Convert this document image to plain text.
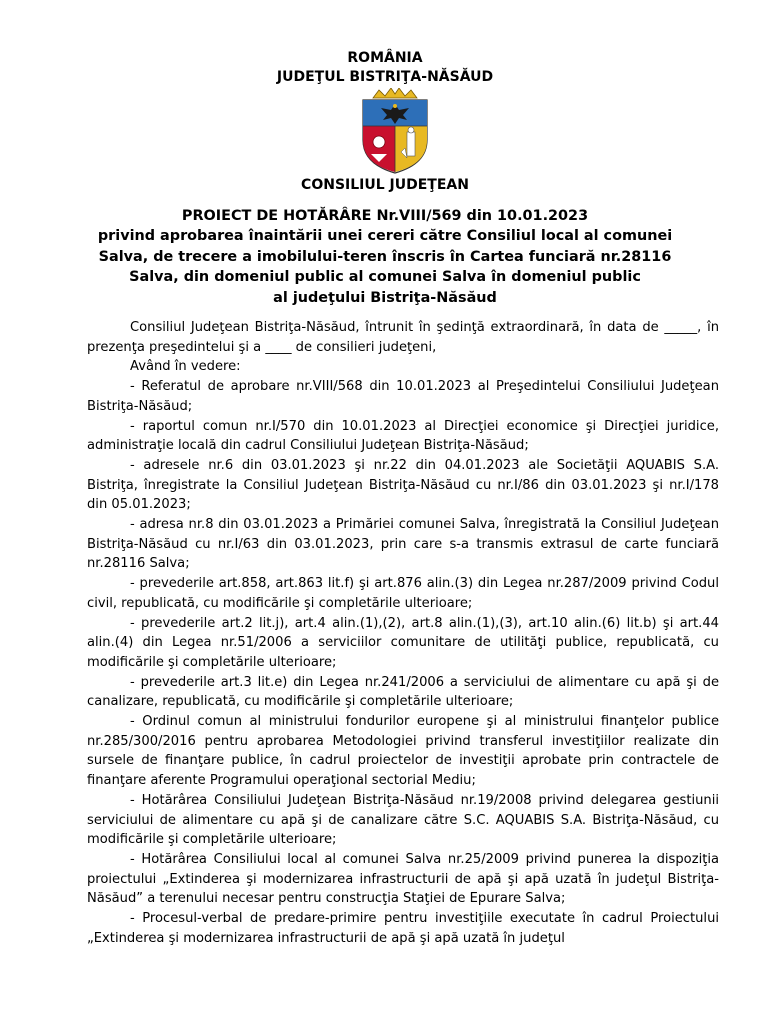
ROMÂNIA
JUDEŢUL BISTRIŢA-NĂSĂUD
CONSILIUL JUDEŢEAN
PROIECT DE HOTĂRÂRE Nr.VIII/569 din 10.01.2023
privind aprobarea înaintării unei cereri către Consiliul local al comunei
Salva, de trecere a imobilului-teren înscris în Cartea funciară nr.28116
Salva, din domeniul public al comunei Salva în domeniul public
al judeţului Bistriţa-Năsăud

Consiliul Judeţean Bistriţa-Năsăud, întrunit în şedinţă extraordinară, în data de _____, în prezenţa preşedintelui şi a ____ de consilieri judeţeni,

Având în vedere:

- Referatul de aprobare nr.VIII/568 din 10.01.2023 al Preşedintelui Consiliului Judeţean Bistriţa-Năsăud;

- raportul comun nr.I/570 din 10.01.2023 al Direcţiei economice şi Direcţiei juridice, administraţie locală din cadrul Consiliului Judeţean Bistriţa-Năsăud;

- adresele nr.6 din 03.01.2023 şi nr.22 din 04.01.2023 ale Societăţii AQUABIS S.A. Bistriţa, înregistrate la Consiliul Judeţean Bistriţa-Năsăud cu nr.I/86 din 03.01.2023 şi nr.I/178 din 05.01.2023;

- adresa nr.8 din 03.01.2023 a Primăriei comunei Salva, înregistrată la Consiliul Judeţean Bistriţa-Năsăud cu nr.I/63 din 03.01.2023, prin care s-a transmis extrasul de carte funciară nr.28116 Salva;

- prevederile art.858, art.863 lit.f) şi art.876 alin.(3) din Legea nr.287/2009 privind Codul civil, republicată, cu modificările şi completările ulterioare;

- prevederile art.2 lit.j), art.4 alin.(1),(2), art.8 alin.(1),(3), art.10 alin.(6) lit.b) şi art.44 alin.(4) din Legea nr.51/2006 a serviciilor comunitare de utilităţi publice, republicată, cu modificările şi completările ulterioare;

- prevederile art.3 lit.e) din Legea nr.241/2006 a serviciului de alimentare cu apă şi de canalizare, republicată, cu modificările şi completările ulterioare;

- Ordinul comun al ministrului fondurilor europene şi al ministrului finanţelor publice nr.285/300/2016 pentru aprobarea Metodologiei privind transferul investiţiilor realizate din sursele de finanţare publice, în cadrul proiectelor de investiţii aprobate prin contractele de finanţare aferente Programului operaţional sectorial Mediu;

- Hotărârea Consiliului Judeţean Bistriţa-Năsăud nr.19/2008 privind delegarea gestiunii serviciului de alimentare cu apă şi de canalizare către S.C. AQUABIS S.A. Bistriţa-Năsăud, cu modificările şi completările ulterioare;

- Hotărârea Consiliului local al comunei Salva nr.25/2009 privind punerea la dispoziţia proiectului „Extinderea şi modernizarea infrastructurii de apă şi apă uzată în judeţul Bistriţa-Năsăud” a terenului necesar pentru construcţia Staţiei de Epurare Salva;

- Procesul-verbal de predare-primire pentru investiţiile executate în cadrul Proiectului „Extinderea şi modernizarea infrastructurii de apă şi apă uzată în judeţul
